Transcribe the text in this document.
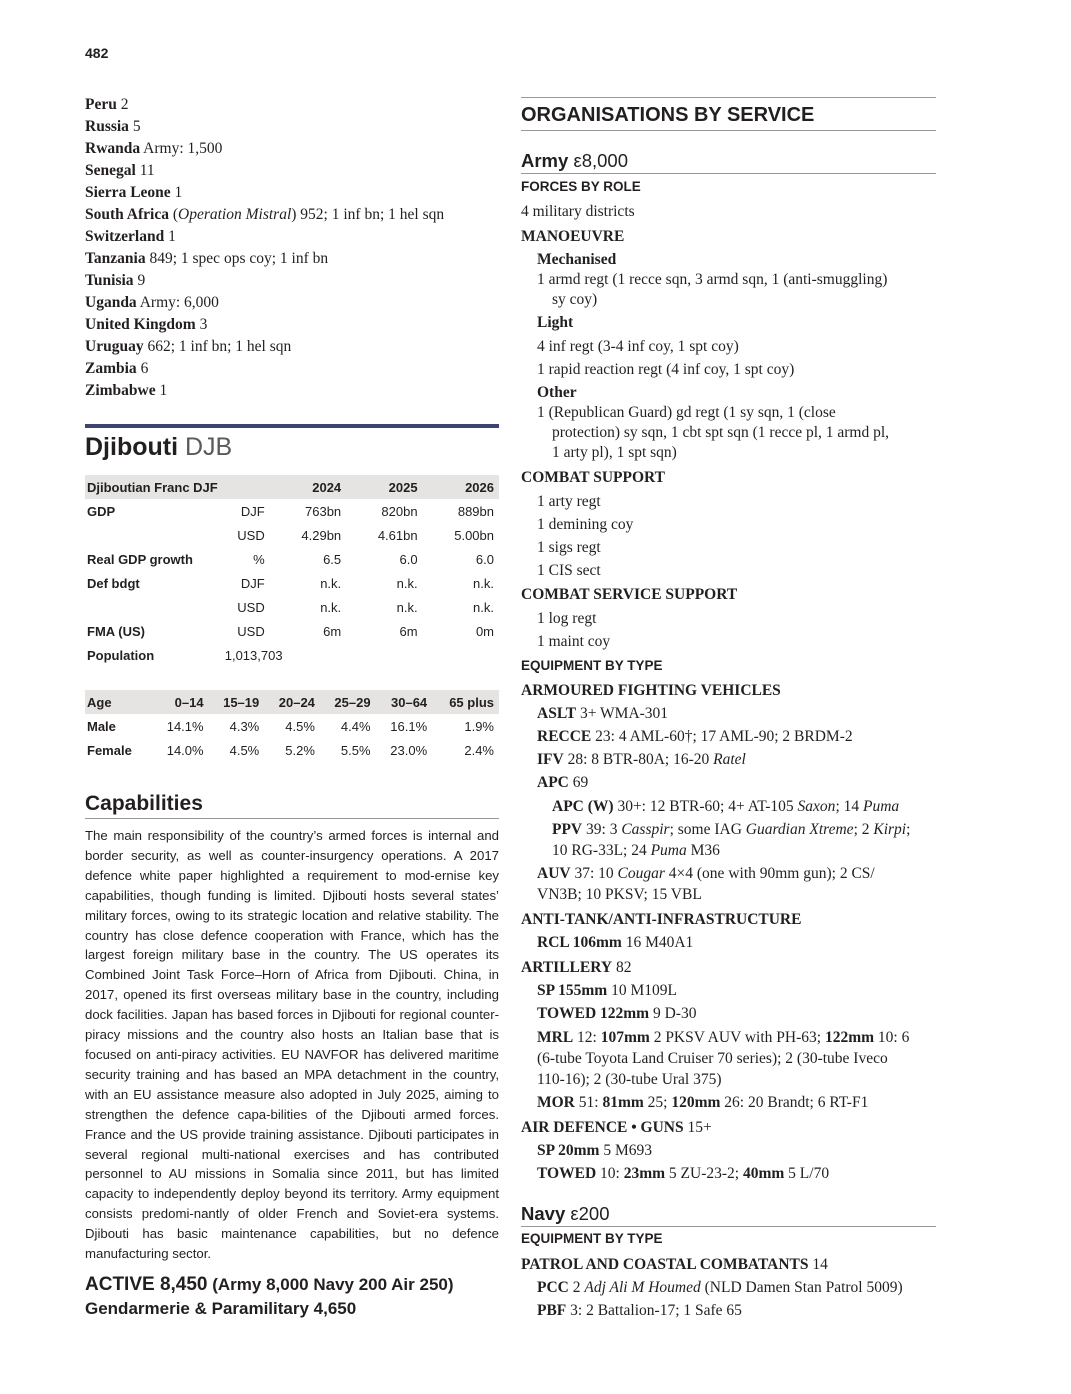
482
Peru 2
Russia 5
Rwanda Army: 1,500
Senegal 11
Sierra Leone 1
South Africa (Operation Mistral) 952; 1 inf bn; 1 hel sqn
Switzerland 1
Tanzania 849; 1 spec ops coy; 1 inf bn
Tunisia 9
Uganda Army: 6,000
United Kingdom 3
Uruguay 662; 1 inf bn; 1 hel sqn
Zambia 6
Zimbabwe 1
Djibouti DJB
Djiboutian Franc DJF		2024	2025	2026
GDP	DJF	763bn	820bn	889bn
	USD	4.29bn	4.61bn	5.00bn
Real GDP growth	%	6.5	6.0	6.0
Def bdgt	DJF	n.k.	n.k.	n.k.
	USD	n.k.	n.k.	n.k.
FMA (US)	USD	6m	6m	0m
Population	1,013,703			
Age	0–14	15–19	20–24	25–29	30–64	65 plus
Male	14.1%	4.3%	4.5%	4.4%	16.1%	1.9%
Female	14.0%	4.5%	5.2%	5.5%	23.0%	2.4%
Capabilities
The main responsibility of the country’s armed forces is internal and border security, as well as counter-insurgency operations. A 2017 defence white paper highlighted a requirement to mod-ernise key capabilities, though funding is limited. Djibouti hosts several states’ military forces, owing to its strategic location and relative stability. The country has close defence cooperation with France, which has the largest foreign military base in the country. The US operates its Combined Joint Task Force–Horn of Africa from Djibouti. China, in 2017, opened its first overseas military base in the country, including dock facilities. Japan has based forces in Djibouti for regional counter-piracy missions and the country also hosts an Italian base that is focused on anti-piracy activities. EU NAVFOR has delivered maritime security training and has based an MPA detachment in the country, with an EU assistance measure also adopted in July 2025, aiming to strengthen the defence capa-bilities of the Djibouti armed forces. France and the US provide training assistance. Djibouti participates in several regional multi-national exercises and has contributed personnel to AU missions in Somalia since 2011, but has limited capacity to independently deploy beyond its territory. Army equipment consists predomi-nantly of older French and Soviet-era systems. Djibouti has basic maintenance capabilities, but no defence manufacturing sector.
ACTIVE 8,450 (Army 8,000 Navy 200 Air 250)
Gendarmerie & Paramilitary 4,650
ORGANISATIONS BY SERVICE
Army ε8,000
FORCES BY ROLE
4 military districts
MANOEUVRE
Mechanised
1 armd regt (1 recce sqn, 3 armd sqn, 1 (anti-smuggling)
sy coy)
Light
4 inf regt (3-4 inf coy, 1 spt coy)
1 rapid reaction regt (4 inf coy, 1 spt coy)
Other
1 (Republican Guard) gd regt (1 sy sqn, 1 (close
protection) sy sqn, 1 cbt spt sqn (1 recce pl, 1 armd pl,
1 arty pl), 1 spt sqn)
COMBAT SUPPORT
1 arty regt
1 demining coy
1 sigs regt
1 CIS sect
COMBAT SERVICE SUPPORT
1 log regt
1 maint coy
EQUIPMENT BY TYPE
ARMOURED FIGHTING VEHICLES
ASLT 3+ WMA-301
RECCE 23: 4 AML-60†; 17 AML-90; 2 BRDM-2
IFV 28: 8 BTR-80A; 16-20 Ratel
APC 69
APC (W) 30+: 12 BTR-60; 4+ AT-105 Saxon; 14 Puma
PPV 39: 3 Casspir; some IAG Guardian Xtreme; 2 Kirpi;
10 RG-33L; 24 Puma M36
AUV 37: 10 Cougar 4×4 (one with 90mm gun); 2 CS/
VN3B; 10 PKSV; 15 VBL
ANTI-TANK/ANTI-INFRASTRUCTURE
RCL 106mm 16 M40A1
ARTILLERY 82
SP 155mm 10 M109L
TOWED 122mm 9 D-30
MRL 12: 107mm 2 PKSV AUV with PH-63; 122mm 10: 6
(6-tube Toyota Land Cruiser 70 series); 2 (30-tube Iveco
110-16); 2 (30-tube Ural 375)
MOR 51: 81mm 25; 120mm 26: 20 Brandt; 6 RT-F1
AIR DEFENCE • GUNS 15+
SP 20mm 5 M693
TOWED 10: 23mm 5 ZU-23-2; 40mm 5 L/70
Navy ε200
EQUIPMENT BY TYPE
PATROL AND COASTAL COMBATANTS 14
PCC 2 Adj Ali M Houmed (NLD Damen Stan Patrol 5009)
PBF 3: 2 Battalion-17; 1 Safe 65
